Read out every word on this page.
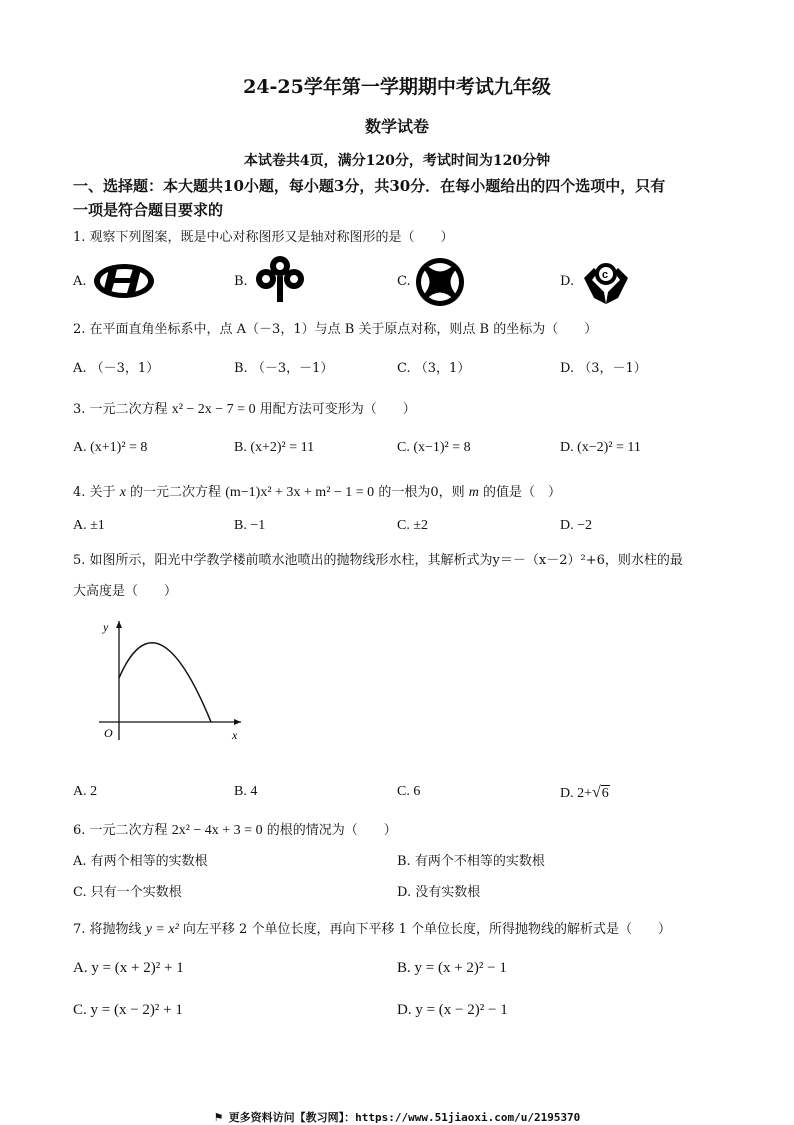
24-25学年第一学期期中考试九年级
数学试卷
本试卷共4页，满分120分，考试时间为120分钟
一、选择题：本大题共10小题，每小题3分，共30分．在每小题给出的四个选项中，只有
一项是符合题目要求的
1. 观察下列图案，既是中心对称图形又是轴对称图形的是（　　）
A.	B.	C.	D.	c
2. 在平面直角坐标系中，点 A（－3，1）与点 B 关于原点对称，则点 B 的坐标为（　　）
A. （－3，1）	B. （－3，－1）	C. （3，1）	D. （3，－1）
3. 一元二次方程 x² − 2x − 7 = 0 用配方法可变形为（　　）
A. (x+1)² = 8	B. (x+2)² = 11	C. (x−1)² = 8	D. (x−2)² = 11
4. 关于 x 的一元二次方程 (m−1)x² + 3x + m² − 1 = 0 的一根为0，则 m 的值是（　）
A. ±1	B. −1	C. ±2	D. −2
5. 如图所示，阳光中学教学楼前喷水池喷出的抛物线形水柱，其解析式为y＝－（x－2）²+6，则水柱的最
大高度是（　　）
y
x
O
A. 2	B. 4	C. 6	D. 2+√6
6. 一元二次方程 2x² − 4x + 3 = 0 的根的情况为（　　）
A. 有两个相等的实数根	B. 有两个不相等的实数根
C. 只有一个实数根	D. 没有实数根
7. 将抛物线 y = x² 向左平移 2 个单位长度，再向下平移 1 个单位长度，所得抛物线的解析式是（　　）
A. y = (x + 2)² + 1	B. y = (x + 2)² − 1
C. y = (x − 2)² + 1	D. y = (x − 2)² − 1
⚑ 更多资料访问【教习网】：https://www.51jiaoxi.com/u/2195370
